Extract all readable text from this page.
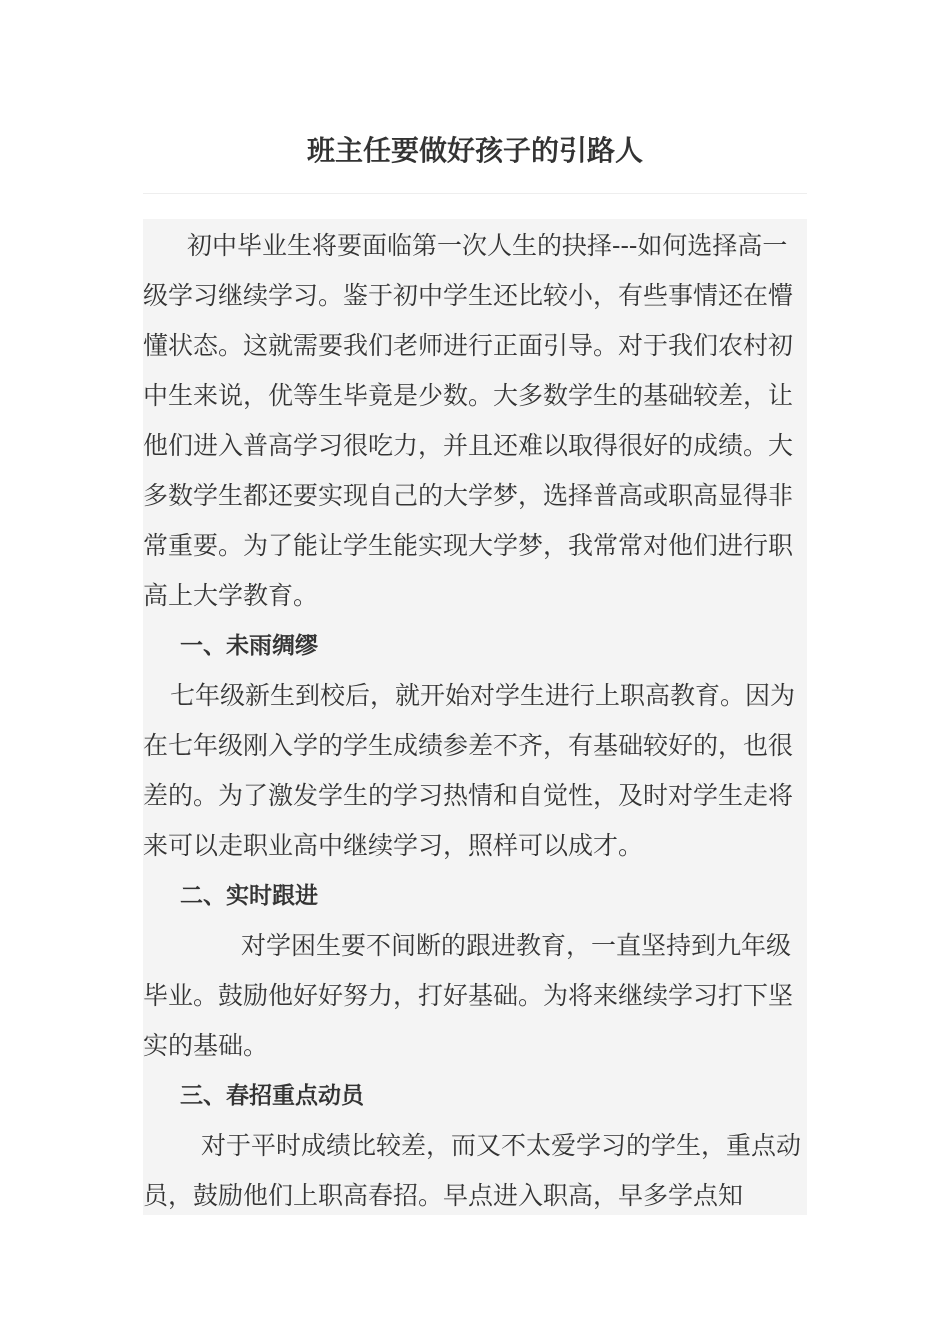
班主任要做好孩子的引路人

初中毕业生将要面临第一次人生的抉择---如何选择高一级学习继续学习。鉴于初中学生还比较小，有些事情还在懵懂状态。这就需要我们老师进行正面引导。对于我们农村初中生来说，优等生毕竟是少数。大多数学生的基础较差，让他们进入普高学习很吃力，并且还难以取得很好的成绩。大多数学生都还要实现自己的大学梦，选择普高或职高显得非常重要。为了能让学生能实现大学梦，我常常对他们进行职高上大学教育。

一、未雨绸缪

七年级新生到校后，就开始对学生进行上职高教育。因为在七年级刚入学的学生成绩参差不齐，有基础较好的，也很差的。为了激发学生的学习热情和自觉性，及时对学生走将来可以走职业高中继续学习，照样可以成才。

二、实时跟进

对学困生要不间断的跟进教育，一直坚持到九年级毕业。鼓励他好好努力，打好基础。为将来继续学习打下坚实的基础。

三、春招重点动员

对于平时成绩比较差，而又不太爱学习的学生，重点动员，鼓励他们上职高春招。早点进入职高，早多学点知
